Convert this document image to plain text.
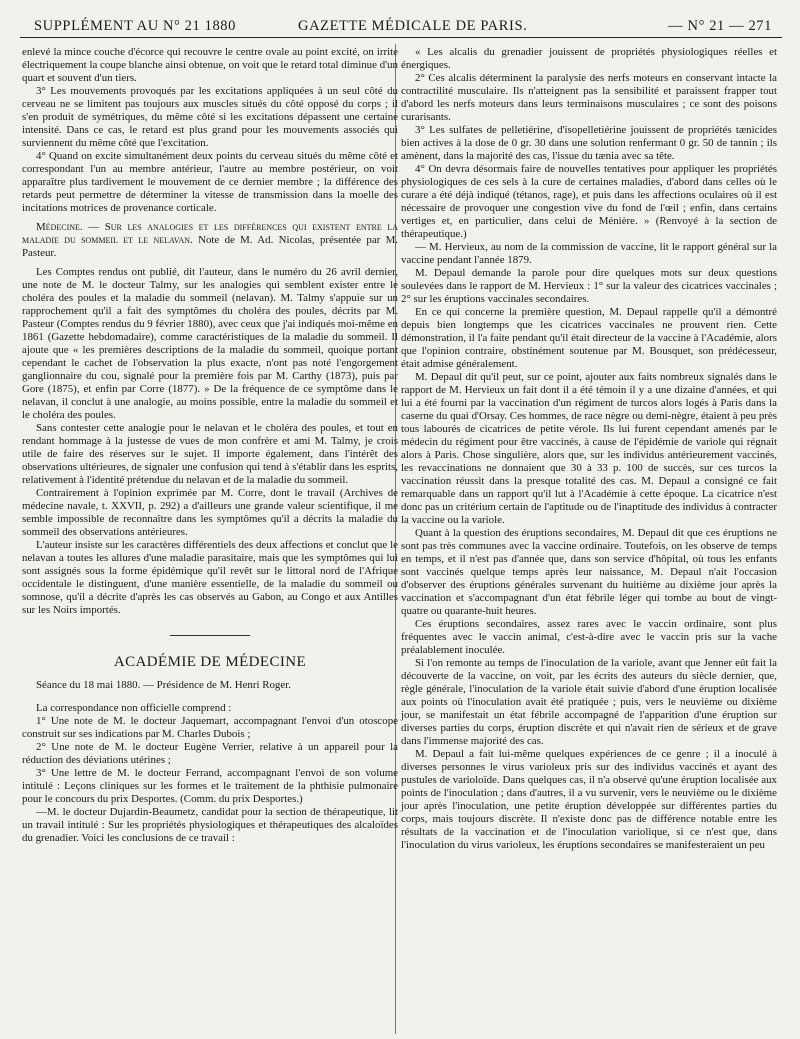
SUPPLÉMENT AU N° 21 1880	GAZETTE MÉDICALE DE PARIS.	— N° 21 — 271

enlevé la mince couche d'écorce qui recouvre le centre ovale au point excité, on irrite électriquement la coupe blanche ainsi obtenue, on voit que le retard total diminue d'un quart et souvent d'un tiers.

3° Les mouvements provoqués par les excitations appliquées à un seul côté du cerveau ne se limitent pas toujours aux muscles situés du côté opposé du corps ; il s'en produit de symétriques, du même côté si les excitations dépassent une certaine intensité. Dans ce cas, le retard est plus grand pour les mouvements associés qui surviennent du même côté que l'excitation.

4° Quand on excite simultanément deux points du cerveau situés du même côté et correspondant l'un au membre antérieur, l'autre au membre postérieur, on voit apparaître plus tardivement le mouvement de ce dernier membre ; la différence des retards peut permettre de déterminer la vitesse de transmission dans la moelle des incitations motrices de provenance corticale.

Médecine. — Sur les analogies et les différences qui existent entre la maladie du sommeil et le nelavan. Note de M. Ad. Nicolas, présentée par M. Pasteur.

Les Comptes rendus ont publié, dit l'auteur, dans le numéro du 26 avril dernier, une note de M. le docteur Talmy, sur les analogies qui semblent exister entre le choléra des poules et la maladie du sommeil (nelavan). M. Talmy s'appuie sur un rapprochement qu'il a fait des symptômes du choléra des poules, décrits par M. Pasteur (Comptes rendus du 9 février 1880), avec ceux que j'ai indiqués moi-même en 1861 (Gazette hebdomadaire), comme caractéristiques de la maladie du sommeil. Il ajoute que « les premières descriptions de la maladie du sommeil, quoique portant cependant le cachet de l'observation la plus exacte, n'ont pas noté l'engorgement ganglionnaire du cou, signalé pour la première fois par M. Carthy (1873), puis par Gore (1875), et enfin par Corre (1877). » De la fréquence de ce symptôme dans le nelavan, il conclut à une analogie, au moins possible, entre la maladie du sommeil et le choléra des poules.

Sans contester cette analogie pour le nelavan et le choléra des poules, et tout en rendant hommage à la justesse de vues de mon confrère et ami M. Talmy, je crois utile de faire des réserves sur le sujet. Il importe également, dans l'intérêt des observations ultérieures, de signaler une confusion qui tend à s'établir dans les esprits, relativement à l'identité prétendue du nelavan et de la maladie du sommeil.

Contrairement à l'opinion exprimée par M. Corre, dont le travail (Archives de médecine navale, t. XXVII, p. 292) a d'ailleurs une grande valeur scientifique, il me semble impossible de reconnaître dans les symptômes qu'il a décrits la maladie du sommeil des observations antérieures.

L'auteur insiste sur les caractères différentiels des deux affections et conclut que le nelavan a toutes les allures d'une maladie parasitaire, mais que les symptômes qui lui sont assignés sous la forme épidémique qu'il revêt sur le littoral nord de l'Afrique occidentale le distinguent, d'une manière essentielle, de la maladie du sommeil ou somnose, qu'il a décrite d'après les cas observés au Gabon, au Congo et aux Antilles sur les Noirs importés.

ACADÉMIE DE MÉDECINE

Séance du 18 mai 1880. — Présidence de M. Henri Roger.

La correspondance non officielle comprend :

1° Une note de M. le docteur Jaquemart, accompagnant l'envoi d'un otoscope construit sur ses indications par M. Charles Dubois ;

2° Une note de M. le docteur Eugène Verrier, relative à un appareil pour la réduction des déviations utérines ;

3° Une lettre de M. le docteur Ferrand, accompagnant l'envoi de son volume intitulé : Leçons cliniques sur les formes et le traitement de la phthisie pulmonaire pour le concours du prix Desportes. (Comm. du prix Desportes.)

—M. le docteur Dujardin-Beaumetz, candidat pour la section de thérapeutique, lit un travail intitulé : Sur les propriétés physiologiques et thérapeutiques des alcaloïdes du grenadier. Voici les conclusions de ce travail :

« Les alcalis du grenadier jouissent de propriétés physiologiques réelles et énergiques.

2° Ces alcalis déterminent la paralysie des nerfs moteurs en conservant intacte la contractilité musculaire. Ils n'atteignent pas la sensibilité et paraissent frapper tout d'abord les nerfs moteurs dans leurs terminaisons musculaires ; ce sont des poisons curarisants.

3° Les sulfates de pelletiérine, d'isopelletiérine jouissent de propriétés tænicides bien actives à la dose de 0 gr. 30 dans une solution renfermant 0 gr. 50 de tannin ; ils amènent, dans la majorité des cas, l'issue du tænia avec sa tête.

4° On devra désormais faire de nouvelles tentatives pour appliquer les propriétés physiologiques de ces sels à la cure de certaines maladies, d'abord dans celles où le curare a été déjà indiqué (tétanos, rage), et puis dans les affections oculaires où il est nécessaire de provoquer une congestion vive du fond de l'œil ; enfin, dans certains vertiges et, en particulier, dans celui de Ménière. » (Renvoyé à la section de thérapeutique.)

— M. Hervieux, au nom de la commission de vaccine, lit le rapport général sur la vaccine pendant l'année 1879.

M. Depaul demande la parole pour dire quelques mots sur deux questions soulevées dans le rapport de M. Hervieux : 1° sur la valeur des cicatrices vaccinales ; 2° sur les éruptions vaccinales secondaires.

En ce qui concerne la première question, M. Depaul rappelle qu'il a démontré depuis bien longtemps que les cicatrices vaccinales ne prouvent rien. Cette démonstration, il l'a faite pendant qu'il était directeur de la vaccine à l'Académie, alors que l'opinion contraire, obstinément soutenue par M. Bousquet, son prédécesseur, était admise généralement.

M. Depaul dit qu'il peut, sur ce point, ajouter aux faits nombreux signalés dans le rapport de M. Hervieux un fait dont il a été témoin il y a une dizaine d'années, et qui lui a été fourni par la vaccination d'un régiment de turcos alors logés à Paris dans la caserne du quai d'Orsay. Ces hommes, de race nègre ou demi-nègre, étaient à peu près tous labourés de cicatrices de petite vérole. Ils lui furent cependant amenés par le médecin du régiment pour être vaccinés, à cause de l'épidémie de variole qui régnait alors à Paris. Chose singulière, alors que, sur les individus antérieurement vaccinés, les revaccinations ne donnaient que 30 à 33 p. 100 de succès, sur ces turcos la vaccination réussit dans la presque totalité des cas. M. Depaul a consigné ce fait remarquable dans un rapport qu'il lut à l'Académie à cette époque. La cicatrice n'est donc pas un critérium certain de l'aptitude ou de l'inaptitude des individus à contracter la vaccine ou la variole.

Quant à la question des éruptions secondaires, M. Depaul dit que ces éruptions ne sont pas très communes avec la vaccine ordinaire. Toutefois, on les observe de temps en temps, et il n'est pas d'année que, dans son service d'hôpital, où tous les enfants sont vaccinés quelque temps après leur naissance, M. Depaul n'ait l'occasion d'observer des éruptions générales survenant du huitième au dixième jour après la vaccination et s'accompagnant d'un état fébrile léger qui tombe au bout de vingt-quatre ou quarante-huit heures.

Ces éruptions secondaires, assez rares avec le vaccin ordinaire, sont plus fréquentes avec le vaccin animal, c'est-à-dire avec le vaccin pris sur la vache préalablement inoculée.

Si l'on remonte au temps de l'inoculation de la variole, avant que Jenner eût fait la découverte de la vaccine, on voit, par les écrits des auteurs du siècle dernier, que, règle générale, l'inoculation de la variole était suivie d'abord d'une éruption localisée aux points où l'inoculation avait été pratiquée ; puis, vers le neuvième ou dixième jour, se manifestait un état fébrile accompagné de l'apparition d'une éruption sur diverses parties du corps, éruption discrète et qui n'avait rien de sérieux et de grave dans l'immense majorité des cas.

M. Depaul a fait lui-même quelques expériences de ce genre ; il a inoculé à diverses personnes le virus varioleux pris sur des individus vaccinés et ayant des pustules de varioloïde. Dans quelques cas, il n'a observé qu'une éruption localisée aux points de l'inoculation ; dans d'autres, il a vu survenir, vers le neuvième ou le dixième jour après l'inoculation, une petite éruption développée sur différentes parties du corps, mais toujours discrète. Il n'existe donc pas de différence notable entre les résultats de la vaccination et de l'inoculation variolique, si ce n'est que, dans l'inoculation du virus varioleux, les éruptions secondaires se manifesteraient un peu
